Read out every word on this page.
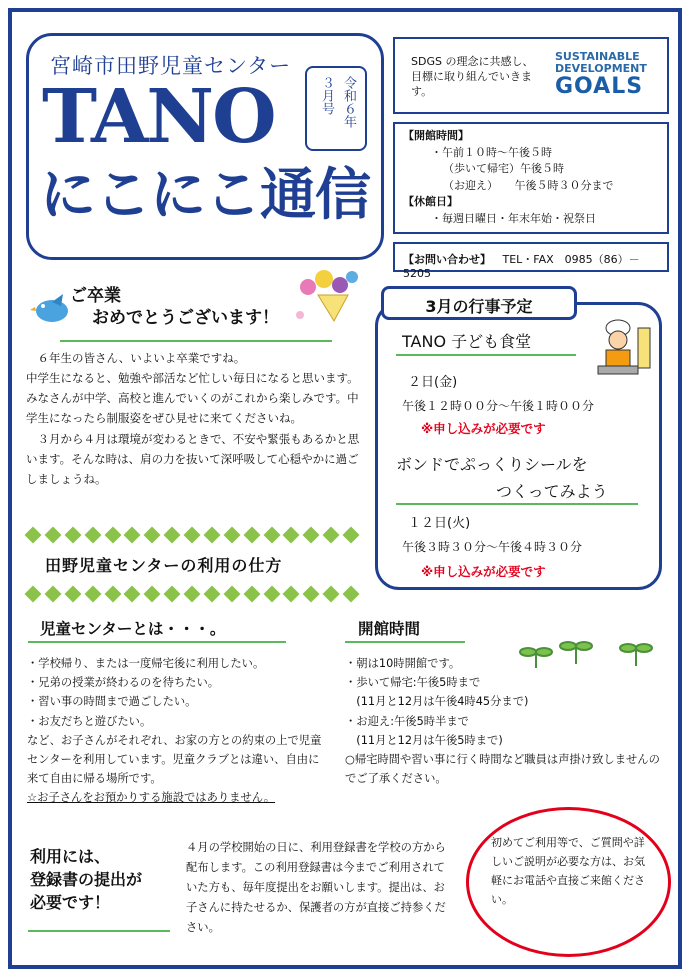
宮崎市田野児童センター
TANO
にこにこ通信
令和６年
３月号
SDGS の理念に共感し、目標に取り組んでいきます。
SUSTAINABLE
DEVELOPMENT
GOALS
【開館時間】
・午前１０時～午後５時
（歩いて帰宅）午後５時
（お迎え）　　午後５時３０分まで
【休館日】
・毎週日曜日・年末年始・祝祭日
【お問い合わせ】 TEL・FAX　0985（86）－5205
ご卒業
おめでとうございます！

６年生の皆さん、いよいよ卒業ですね。

中学生になると、勉強や部活など忙しい毎日になると思います。みなさんが中学、高校と進んでいくのがこれから楽しみです。中学生になったら制服姿をぜひ見せに来てくださいね。

３月から４月は環境が変わるときで、不安や緊張もあるかと思います。そんな時は、肩の力を抜いて深呼吸して心穏やかに過ごしましょうね。

3月の行事予定
TANO 子ども食堂
２日(金)
午後１２時００分～午後１時００分
※申し込みが必要です
ボンドでぷっくりシールを
つくってみよう
１２日(火)
午後３時３０分～午後４時３０分
※申し込みが必要です
田野児童センターの利用の仕方
児童センターとは・・・。
・学校帰り、または一度帰宅後に利用したい。
・兄弟の授業が終わるのを待ちたい。
・習い事の時間まで過ごしたい。
・お友だちと遊びたい。
など、お子さんがそれぞれ、お家の方との約束の上で児童センターを利用しています。児童クラブとは違い、自由に来て自由に帰る場所です。
☆お子さんをお預かりする施設ではありません。
開館時間
・朝は10時開館です。
・歩いて帰宅:午後5時まで
　(11月と12月は午後4時45分まで)
・お迎え:午後5時半まで
　(11月と12月は午後5時まで)
○帰宅時間や習い事に行く時間など職員は声掛け致しませんのでご了承ください。
利用には、
登録書の提出が
必要です！
４月の学校開始の日に、利用登録書を学校の方から配布します。この利用登録書は今までご利用されていた方も、毎年度提出をお願いします。提出は、お子さんに持たせるか、保護者の方が直接ご持参ください。
初めてご利用等で、ご質問や詳しいご説明が必要な方は、お気軽にお電話や直接ご来館ください。
